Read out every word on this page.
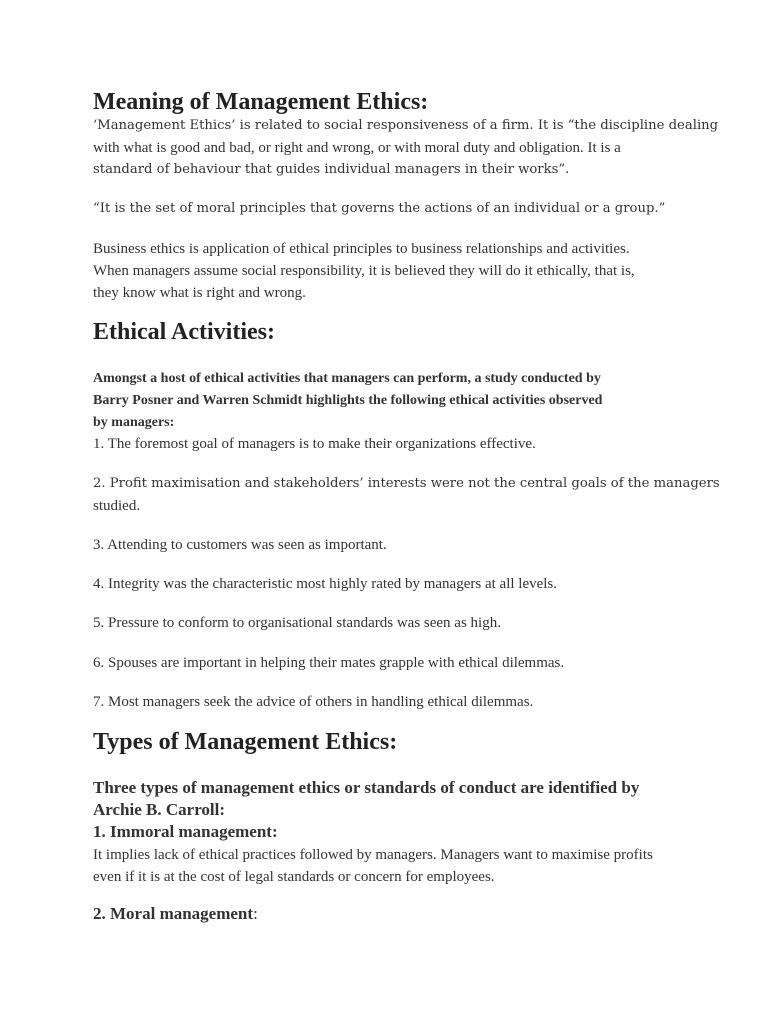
Meaning of Management Ethics:

‘Management Ethics’ is related to social responsiveness of a firm. It is “the discipline dealing

with what is good and bad, or right and wrong, or with moral duty and obligation. It is a

standard of behaviour that guides individual managers in their works”.

“It is the set of moral principles that governs the actions of an individual or a group.”

Business ethics is application of ethical principles to business relationships and activities.

When managers assume social responsibility, it is believed they will do it ethically, that is,

they know what is right and wrong.

Ethical Activities:

Amongst a host of ethical activities that managers can perform, a study conducted by

Barry Posner and Warren Schmidt highlights the following ethical activities observed

by managers:

1. The foremost goal of managers is to make their organizations effective.

2. Profit maximisation and stakeholders’ interests were not the central goals of the managers

studied.

3. Attending to customers was seen as important.

4. Integrity was the characteristic most highly rated by managers at all levels.

5. Pressure to conform to organisational standards was seen as high.

6. Spouses are important in helping their mates grapple with ethical dilemmas.

7. Most managers seek the advice of others in handling ethical dilemmas.

Types of Management Ethics:

Three types of management ethics or standards of conduct are identified by

Archie B. Carroll:

1. Immoral management:

It implies lack of ethical practices followed by managers. Managers want to maximise profits

even if it is at the cost of legal standards or concern for employees.

2. Moral management:
